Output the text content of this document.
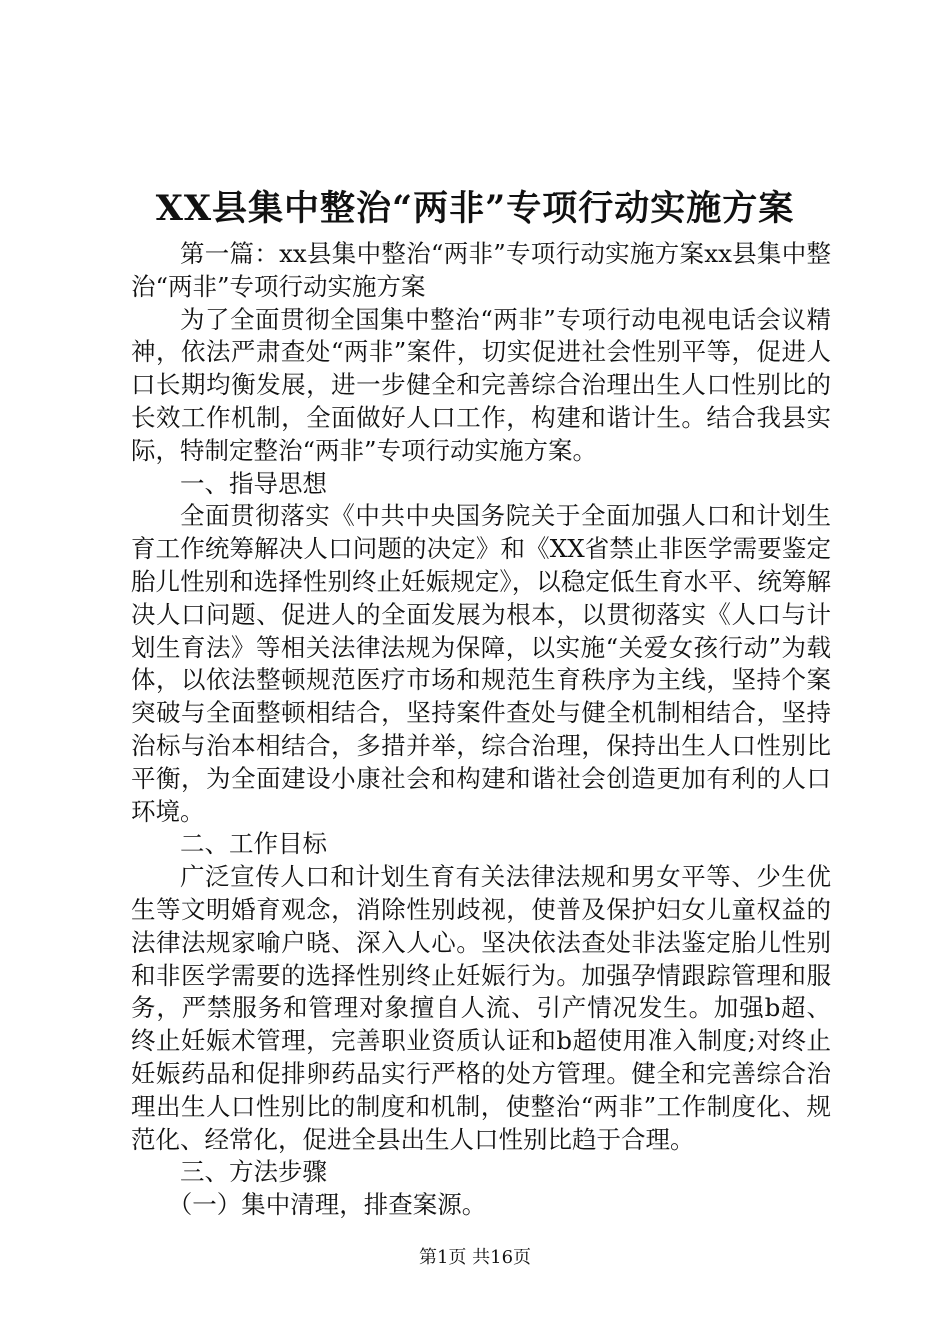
XX县集中整治“两非”专项行动实施方案

第一篇：xx县集中整治“两非”专项行动实施方案xx县集中整治“两非”专项行动实施方案

为了全面贯彻全国集中整治“两非”专项行动电视电话会议精神，依法严肃查处“两非”案件，切实促进社会性别平等，促进人口长期均衡发展，进一步健全和完善综合治理出生人口性别比的长效工作机制，全面做好人口工作，构建和谐计生。结合我县实际，特制定整治“两非”专项行动实施方案。

一、指导思想

全面贯彻落实《中共中央国务院关于全面加强人口和计划生育工作统筹解决人口问题的决定》和《XX省禁止非医学需要鉴定胎儿性别和选择性别终止妊娠规定》，以稳定低生育水平、统筹解决人口问题、促进人的全面发展为根本，以贯彻落实《人口与计划生育法》等相关法律法规为保障，以实施“关爱女孩行动”为载体，以依法整顿规范医疗市场和规范生育秩序为主线，坚持个案突破与全面整顿相结合，坚持案件查处与健全机制相结合，坚持治标与治本相结合，多措并举，综合治理，保持出生人口性别比平衡，为全面建设小康社会和构建和谐社会创造更加有利的人口环境。

二、工作目标

广泛宣传人口和计划生育有关法律法规和男女平等、少生优生等文明婚育观念，消除性别歧视，使普及保护妇女儿童权益的法律法规家喻户晓、深入人心。坚决依法查处非法鉴定胎儿性别和非医学需要的选择性别终止妊娠行为。加强孕情跟踪管理和服务，严禁服务和管理对象擅自人流、引产情况发生。加强b超、终止妊娠术管理，完善职业资质认证和b超使用准入制度;对终止妊娠药品和促排卵药品实行严格的处方管理。健全和完善综合治理出生人口性别比的制度和机制，使整治“两非”工作制度化、规范化、经常化，促进全县出生人口性别比趋于合理。

三、方法步骤

（一）集中清理，排查案源。

第1页 共16页
